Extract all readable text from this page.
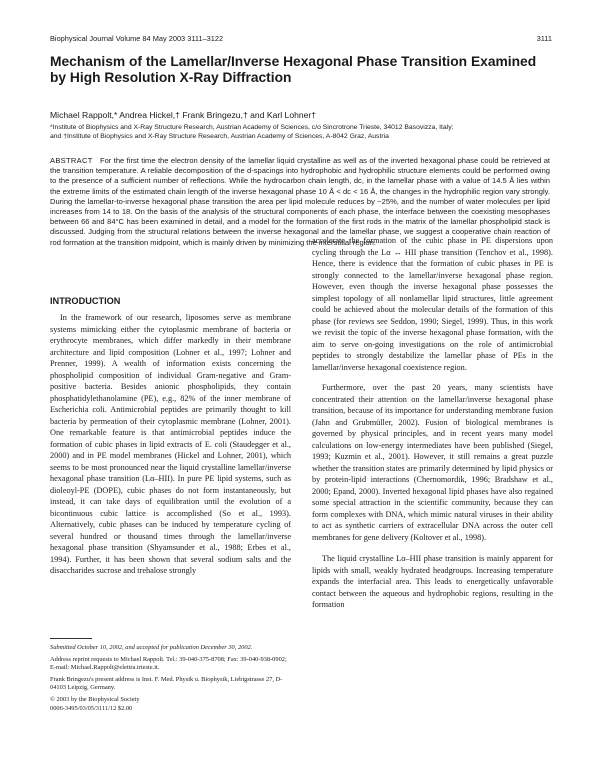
Biophysical Journal Volume 84 May 2003 3111–3122	3111
Mechanism of the Lamellar/Inverse Hexagonal Phase Transition Examined by High Resolution X-Ray Diffraction
Michael Rappolt,* Andrea Hickel,† Frank Bringezu,† and Karl Lohner†
*Institute of Biophysics and X-Ray Structure Research, Austrian Academy of Sciences, c/o Sincrotrone Trieste, 34012 Basovizza, Italy;
and †Institute of Biophysics and X-Ray Structure Research, Austrian Academy of Sciences, A-8042 Graz, Austria
ABSTRACT For the first time the electron density of the lamellar liquid crystalline as well as of the inverted hexagonal phase could be retrieved at the transition temperature. A reliable decomposition of the d-spacings into hydrophobic and hydrophilic structure elements could be performed owing to the presence of a sufficient number of reflections. While the hydrocarbon chain length, dc, in the lamellar phase with a value of 14.5 Å lies within the extreme limits of the estimated chain length of the inverse hexagonal phase 10 Å < dc < 16 Å, the changes in the hydrophilic region vary strongly. During the lamellar-to-inverse hexagonal phase transition the area per lipid molecule reduces by ~25%, and the number of water molecules per lipid increases from 14 to 18. On the basis of the analysis of the structural components of each phase, the interface between the coexisting mesophases between 66 and 84°C has been examined in detail, and a model for the formation of the first rods in the matrix of the lamellar phospholipid stack is discussed. Judging from the structural relations between the inverse hexagonal and the lamellar phase, we suggest a cooperative chain reaction of rod formation at the transition midpoint, which is mainly driven by minimizing the interstitial region.
INTRODUCTION

In the framework of our research, liposomes serve as membrane systems mimicking either the cytoplasmic membrane of bacteria or erythrocyte membranes, which differ markedly in their membrane architecture and lipid composition (Lohner et al., 1997; Lohner and Prenner, 1999). A wealth of information exists concerning the phospholipid composition of individual Gram-negative and Gram-positive bacteria. Besides anionic phospholipids, they contain phosphatidylethanolamine (PE), e.g., 82% of the inner membrane of Escherichia coli. Antimicrobial peptides are primarily thought to kill bacteria by permeation of their cytoplasmic membrane (Lohner, 2001). One remarkable feature is that antimicrobial peptides induce the formation of cubic phases in lipid extracts of E. coli (Staudegger et al., 2000) and in PE model membranes (Hickel and Lohner, 2001), which seems to be most pronounced near the liquid crystalline lamellar/inverse hexagonal phase transition (Lα–HII). In pure PE lipid systems, such as dioleoyl-PE (DOPE), cubic phases do not form instantaneously, but instead, it can take days of equilibration until the evolution of a bicontinuous cubic lattice is accomplished (So et al., 1993). Alternatively, cubic phases can be induced by temperature cycling of several hundred or thousand times through the lamellar/inverse hexagonal phase transition (Shyamsunder et al., 1988; Erbes et al., 1994). Further, it has been shown that several sodium salts and the disaccharides sucrose and trehalose strongly

accelerate the formation of the cubic phase in PE dispersions upon cycling through the Lα ↔ HII phase transition (Tenchov et al., 1998). Hence, there is evidence that the formation of cubic phases in PE is strongly connected to the lamellar/inverse hexagonal phase region. However, even though the inverse hexagonal phase possesses the simplest topology of all nonlamellar lipid structures, little agreement could be achieved about the molecular details of the formation of this phase (for reviews see Seddon, 1990; Siegel, 1999). Thus, in this work we revisit the topic of the inverse hexagonal phase formation, with the aim to serve on-going investigations on the role of antimicrobial peptides to strongly destabilize the lamellar phase of PEs in the lamellar/inverse hexagonal coexistence region.

Furthermore, over the past 20 years, many scientists have concentrated their attention on the lamellar/inverse hexagonal phase transition, because of its importance for understanding membrane fusion (Jahn and Grubmüller, 2002). Fusion of biological membranes is governed by physical principles, and in recent years many model calculations on low-energy intermediates have been published (Siegel, 1993; Kuzmin et al., 2001). However, it still remains a great puzzle whether the transition states are primarily determined by lipid physics or by protein-lipid interactions (Chernomordik, 1996; Bradshaw et al., 2000; Epand, 2000). Inverted hexagonal lipid phases have also regained some special attraction in the scientific community, because they can form complexes with DNA, which mimic natural viruses in their ability to act as synthetic carriers of extracellular DNA across the outer cell membranes for gene delivery (Koltover et al., 1998).

The liquid crystalline Lα–HII phase transition is mainly apparent for lipids with small, weakly hydrated headgroups. Increasing temperature expands the interfacial area. This leads to energetically unfavorable contact between the aqueous and hydrophobic regions, resulting in the formation

Submitted October 10, 2002, and accepted for publication December 30, 2002.

Address reprint requests to Michael Rappolt. Tel.: 39-040-375-8708; Fax: 39-040-938-0902; E-mail: Michael.Rappolt@elettra.trieste.it.

Frank Bringezu's present address is Inst. F. Med. Physik u. Biophysik, Liebigstrasse 27, D-04103 Leipzig, Germany.

© 2003 by the Biophysical Society

0006-3495/03/05/3111/12 $2.00
